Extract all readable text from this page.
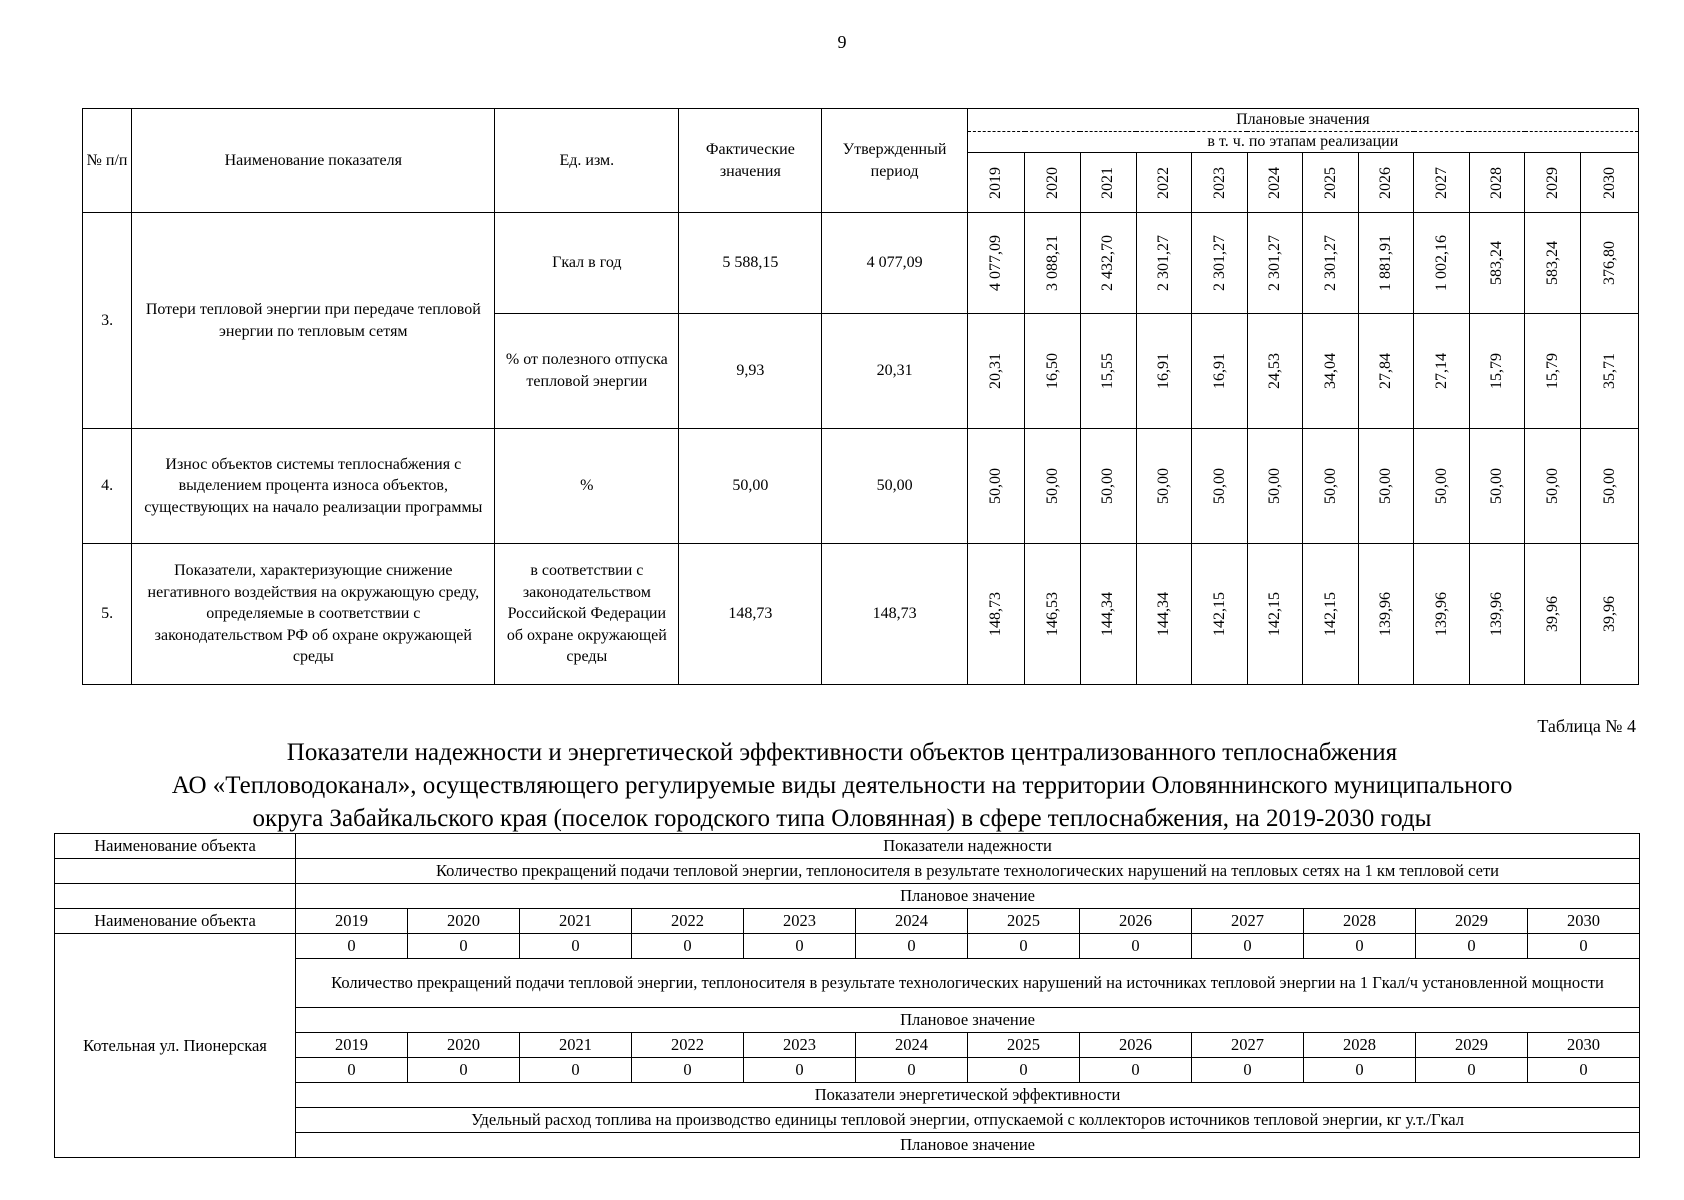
9
№ п/п	Наименование показателя	Ед. изм.	Фактические значения	Утвержденный период	Плановые значения											
					в т. ч. по этапам реализации											

					2019	2020	2021	2022	2023	2024	2025	2026	2027	2028	2029	2030

3.	Потери тепловой энергии при передаче тепловой энергии по тепловым сетям	Гкал в год	5 588,15	4 077,09	4 077,09	3 088,21	2 432,70	2 301,27	2 301,27	2 301,27	2 301,27	1 881,91	1 002,16	583,24	583,24	376,80

		% от полезного отпуска тепловой энергии	9,93	20,31	20,31	16,50	15,55	16,91	16,91	24,53	34,04	27,84	27,14	15,79	15,79	35,71

4.	Износ объектов системы теплоснабжения с выделением процента износа объектов, существующих на начало реализации программы	%	50,00	50,00	50,00	50,00	50,00	50,00	50,00	50,00	50,00	50,00	50,00	50,00	50,00	50,00

5.	Показатели, характеризующие снижение негативного воздействия на окружающую среду, определяемые в соответствии с законодательством РФ об охране окружающей среды	в соответствии с законодательством Российской Федерации об охране окружающей среды	148,73	148,73	148,73	146,53	144,34	144,34	142,15	142,15	142,15	139,96	139,96	139,96	39,96	39,96
Таблица № 4
Показатели надежности и энергетической эффективности объектов централизованного теплоснабжения
АО «Тепловодоканал», осуществляющего регулируемые виды деятельности на территории Оловяннинского муниципального
округа Забайкальского края (поселок городского типа Оловянная) в сфере теплоснабжения, на 2019-2030 годы
Наименование объекта	Показатели надежности											
	Количество прекращений подачи тепловой энергии, теплоносителя в результате технологических нарушений на тепловых сетях на 1 км тепловой сети											
	Плановое значение											
Наименование объекта	2019	2020	2021	2022	2023	2024	2025	2026	2027	2028	2029	2030
Котельная ул. Пионерская	0	0	0	0	0	0	0	0	0	0	0	0
	Количество прекращений подачи тепловой энергии, теплоносителя в результате технологических нарушений на источниках тепловой энергии на 1 Гкал/ч установленной мощности											
	Плановое значение											
	2019	2020	2021	2022	2023	2024	2025	2026	2027	2028	2029	2030
	0	0	0	0	0	0	0	0	0	0	0	0
	Показатели энергетической эффективности											
	Удельный расход топлива на производство единицы тепловой энергии, отпускаемой с коллекторов источников тепловой энергии, кг у.т./Гкал											
	Плановое значение											
